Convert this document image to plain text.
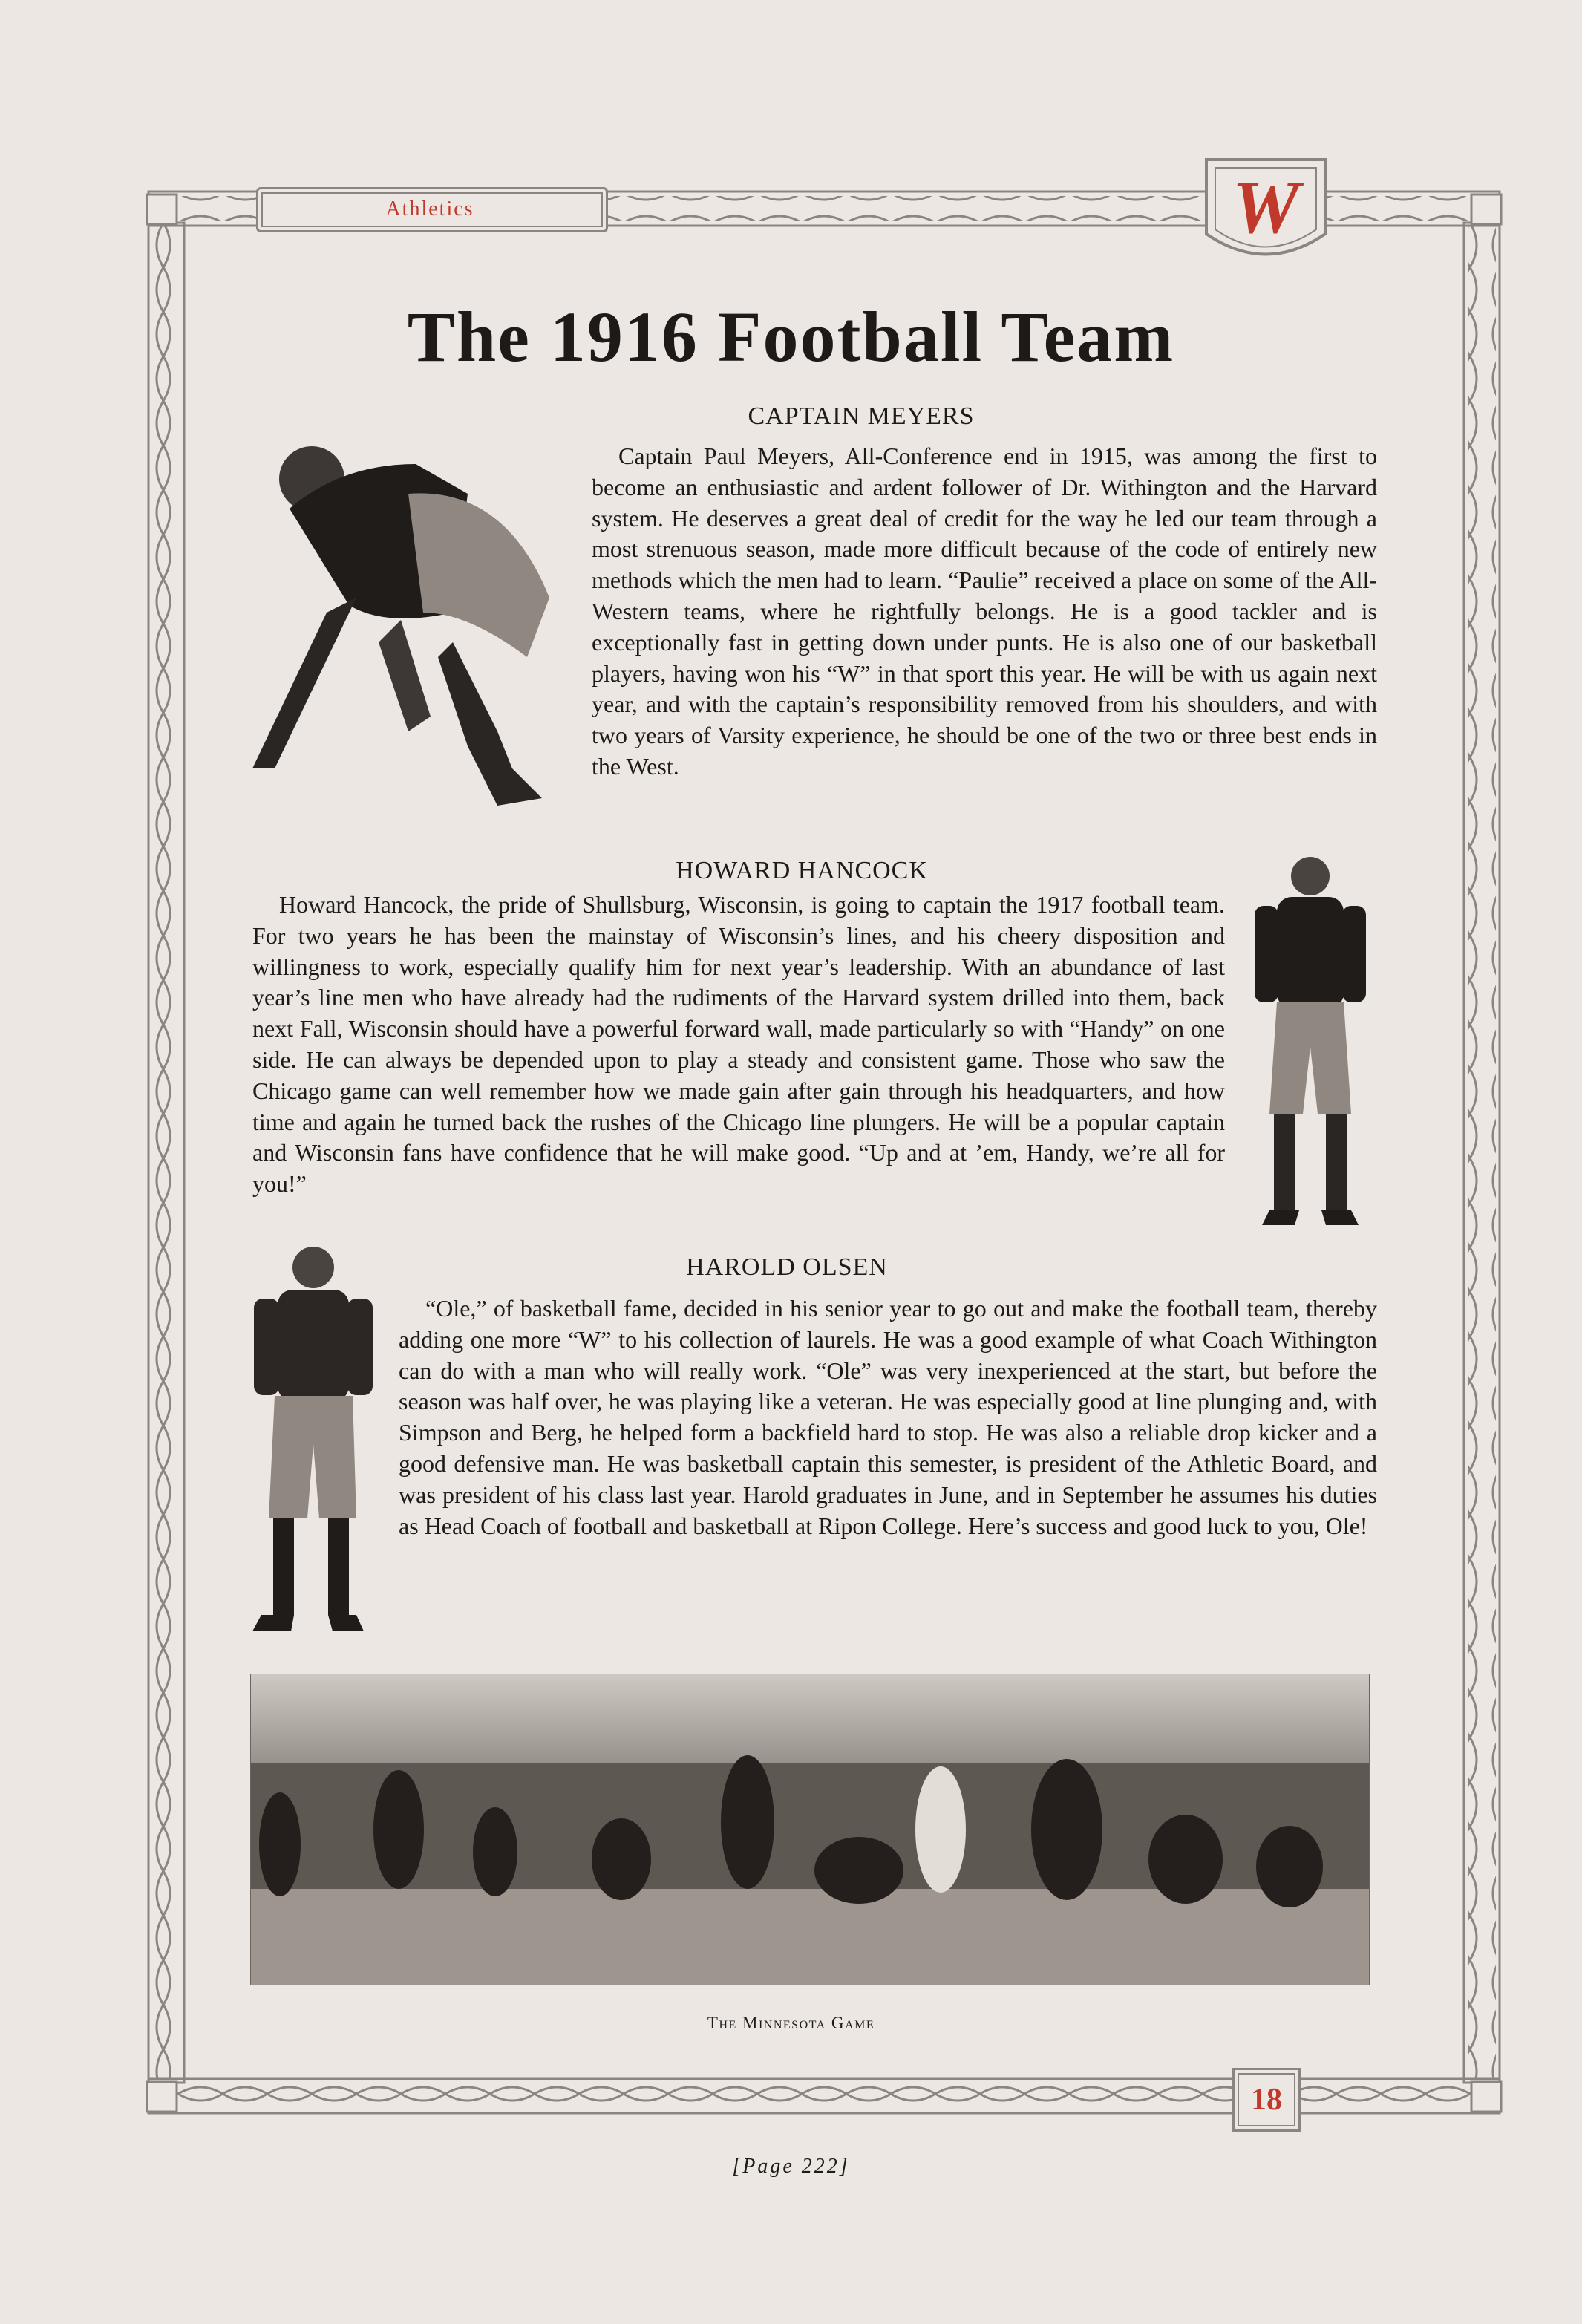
Athletics	W
The 1916 Football Team
CAPTAIN MEYERS

Captain Paul Meyers, All-Conference end in 1915, was among the first to become an enthusiastic and ardent follower of Dr. Withington and the Harvard system. He deserves a great deal of credit for the way he led our team through a most strenuous season, made more difficult because of the code of entirely new methods which the men had to learn. “Paulie” received a place on some of the All-Western teams, where he rightfully belongs. He is a good tackler and is exceptionally fast in getting down under punts. He is also one of our basketball players, having won his “W” in that sport this year. He will be with us again next year, and with the captain’s responsibility removed from his shoulders, and with two years of Varsity experience, he should be one of the two or three best ends in the West.

HOWARD HANCOCK

Howard Hancock, the pride of Shullsburg, Wisconsin, is going to captain the 1917 football team. For two years he has been the mainstay of Wisconsin’s lines, and his cheery disposition and willingness to work, especially qualify him for next year’s leadership. With an abundance of last year’s line men who have already had the rudiments of the Harvard system drilled into them, back next Fall, Wisconsin should have a powerful forward wall, made particularly so with “Handy” on one side. He can always be depended upon to play a steady and consistent game. Those who saw the Chicago game can well remember how we made gain after gain through his headquarters, and how time and again he turned back the rushes of the Chicago line plungers. He will be a popular captain and Wisconsin fans have confidence that he will make good. “Up and at ’em, Handy, we’re all for you!”

HAROLD OLSEN

“Ole,” of basketball fame, decided in his senior year to go out and make the football team, thereby adding one more “W” to his collection of laurels. He was a good example of what Coach Withington can do with a man who will really work. “Ole” was very inexperienced at the start, but before the season was half over, he was playing like a veteran. He was especially good at line plunging and, with Simpson and Berg, he helped form a backfield hard to stop. He was also a reliable drop kicker and a good defensive man. He was basketball captain this semester, is president of the Athletic Board, and was president of his class last year. Harold graduates in June, and in September he assumes his duties as Head Coach of football and basketball at Ripon College. Here’s success and good luck to you, Ole!

The Minnesota Game
18
[Page 222]
